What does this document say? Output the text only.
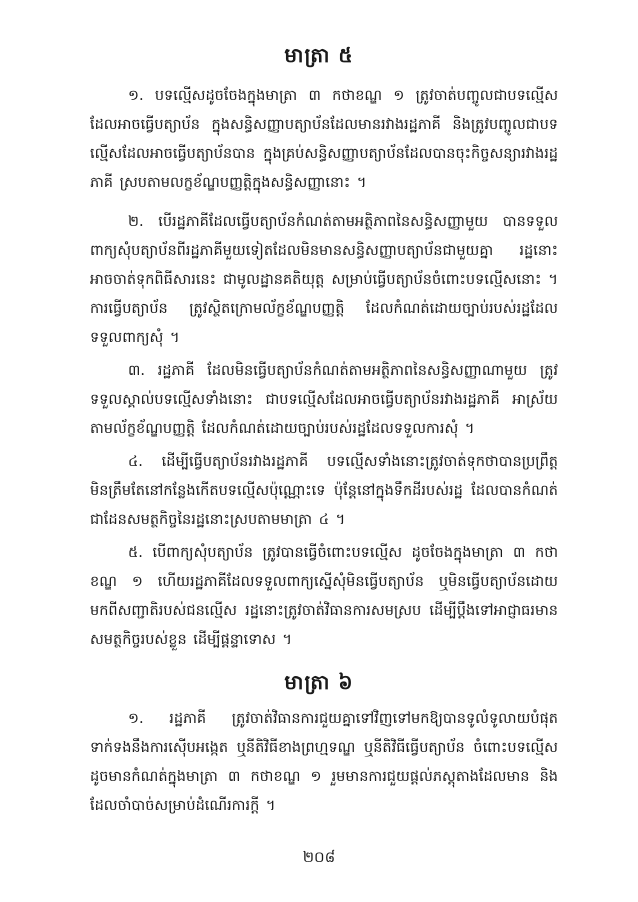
មាត្រា ៥

១. បទល្មើសដូចចែងក្នុងមាត្រា ៣ កថាខណ្ឌ ១ ត្រូវចាត់បញ្ចូលជាបទល្មើសដែលអាចធ្វើបត្យាប័ន ក្នុងសន្ធិសញ្ញាបត្យាប័នដែលមានរវាងរដ្ឋភាគី និងត្រូវបញ្ចូលជាបទល្មើសដែលអាចធ្វើបត្យាប័នបាន ក្នុងគ្រប់សន្ធិសញ្ញាបត្យាប័នដែលបានចុះកិច្ចសន្យារវាងរដ្ឋភាគី ស្របតាមលក្ខខ័ណ្ឌបញ្ញត្តិក្នុងសន្ធិសញ្ញានោះ ។

២. បើរដ្ឋភាគីដែលធ្វើបត្យាប័នកំណត់តាមអត្ថិភាពនៃសន្ធិសញ្ញាមួយ បានទទួលពាក្យសុំបត្យាប័នពីរដ្ឋភាគីមួយទៀតដែលមិនមានសន្ធិសញ្ញាបត្យាប័នជាមួយគ្នា រដ្ឋនោះអាចចាត់ទុកពិធីសារនេះ ជាមូលដ្ឋានគតិយុត្ត សម្រាប់ធ្វើបត្យាប័នចំពោះបទល្មើសនោះ ។ ការធ្វើបត្យាប័ន ត្រូវស្ថិតក្រោមល័ក្ខខ័ណ្ឌបញ្ញត្តិ ដែលកំណត់ដោយច្បាប់របស់រដ្ឋដែលទទួលពាក្យសុំ ។

៣. រដ្ឋភាគី ដែលមិនធ្វើបត្យាប័នកំណត់តាមអត្ថិភាពនៃសន្ធិសញ្ញាណាមួយ ត្រូវទទួលស្គាល់បទល្មើសទាំងនោះ ជាបទល្មើសដែលអាចធ្វើបត្យាប័នរវាងរដ្ឋភាគី អាស្រ័យតាមល័ក្ខខ័ណ្ឌបញ្ញត្តិ ដែលកំណត់ដោយច្បាប់របស់រដ្ឋដែលទទួលការសុំ ។

៤. ដើម្បីធ្វើបត្យាប័នរវាងរដ្ឋភាគី បទល្មើសទាំងនោះត្រូវចាត់ទុកថាបានប្រព្រឹត្ត មិនត្រឹមតែនៅកន្លែងកើតបទល្មើសប៉ុណ្ណោះទេ ប៉ុន្តែនៅក្នុងទឹកដីរបស់រដ្ឋ ដែលបានកំណត់ជាដែនសមត្ថកិច្ចនៃរដ្ឋនោះស្របតាមមាត្រា ៤ ។

៥. បើពាក្យសុំបត្យាប័ន ត្រូវបានធ្វើចំពោះបទល្មើស ដូចចែងក្នុងមាត្រា ៣ កថាខណ្ឌ ១ ហើយរដ្ឋភាគីដែលទទួលពាក្យស្នើសុំមិនធ្វើបត្យាប័ន ឬមិនធ្វើបត្យាប័នដោយមកពីសញ្ជាតិរបស់ជនល្មើស រដ្ឋនោះត្រូវចាត់វិធានការសមស្រប ដើម្បីប្តឹងទៅអាជ្ញាធរមានសមត្ថកិច្ចរបស់ខ្លួន ដើម្បីផ្តន្ទាទោស ។

មាត្រា ៦

១. រដ្ឋភាគី ត្រូវចាត់វិធានការជួយគ្នាទៅវិញទៅមកឱ្យបានទូលំទូលាយបំផុត ទាក់ទងនឹងការស៊ើបអង្កេត ឬនីតិវិធីខាងព្រហ្មទណ្ឌ ឬនីតិវិធីធ្វើបត្យាប័ន ចំពោះបទល្មើសដូចមានកំណត់ក្នុងមាត្រា ៣ កថាខណ្ឌ ១ រួមមានការជួយផ្តល់ភស្តុតាងដែលមាន និងដែលចាំបាច់សម្រាប់ដំណើរការក្តី ។

២០៨
